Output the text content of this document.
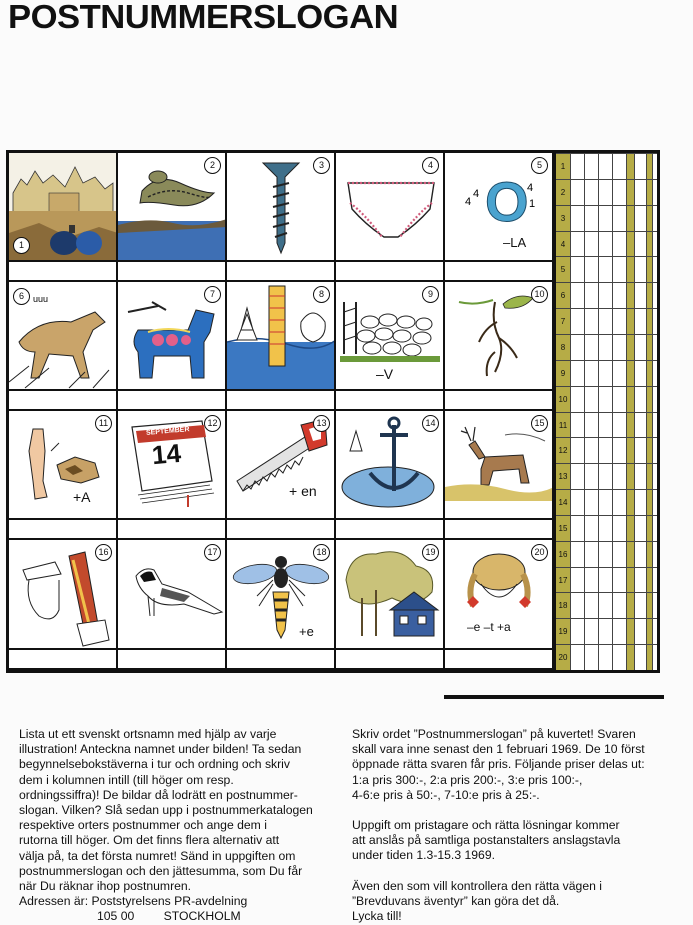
POSTNUMMERSLOGAN
1
2	3	4
4
4
4
1
O
–LA
5
uuu
6	7	8
–V
9	10
+A
11
SEPTEMBER
14
12
+ en
13	14	15
16	17
+e
18	19
–e –t +a
20
1
2
3
4
5
6
7
8
9
10
11
12
13
14
15
16
17
18
19
20

Lista ut ett svenskt ortsnamn med hjälp av varje

illustration! Anteckna namnet under bilden! Ta sedan

begynnelsebokstäverna i tur och ordning och skriv

dem i kolumnen intill (till höger om resp.

ordningssiffra)! De bildar då lodrätt en postnummer-

slogan. Vilken? Slå sedan upp i postnummerkatalogen

respektive orters postnummer och ange dem i

rutorna till höger. Om det finns flera alternativ att

välja på, ta det första numret! Sänd in uppgiften om

postnummerslogan och den jättesumma, som Du får

när Du räknar ihop postnumren.

Adressen är: Poststyrelsens PR-avdelning

105 00 STOCKHOLM

Skriv ordet ”Postnummerslogan” på kuvertet! Svaren

skall vara inne senast den 1 februari 1969. De 10 först

öppnade rätta svaren får pris. Följande priser delas ut:

1:a pris 300:-, 2:a pris 200:-, 3:e pris 100:-,

4-6:e pris à 50:-, 7-10:e pris à 25:-.

Uppgift om pristagare och rätta lösningar kommer

att anslås på samtliga postanstalters anslagstavla

under tiden 1.3-15.3 1969.

Även den som vill kontrollera den rätta vägen i

”Brevduvans äventyr” kan göra det då.

Lycka till!
